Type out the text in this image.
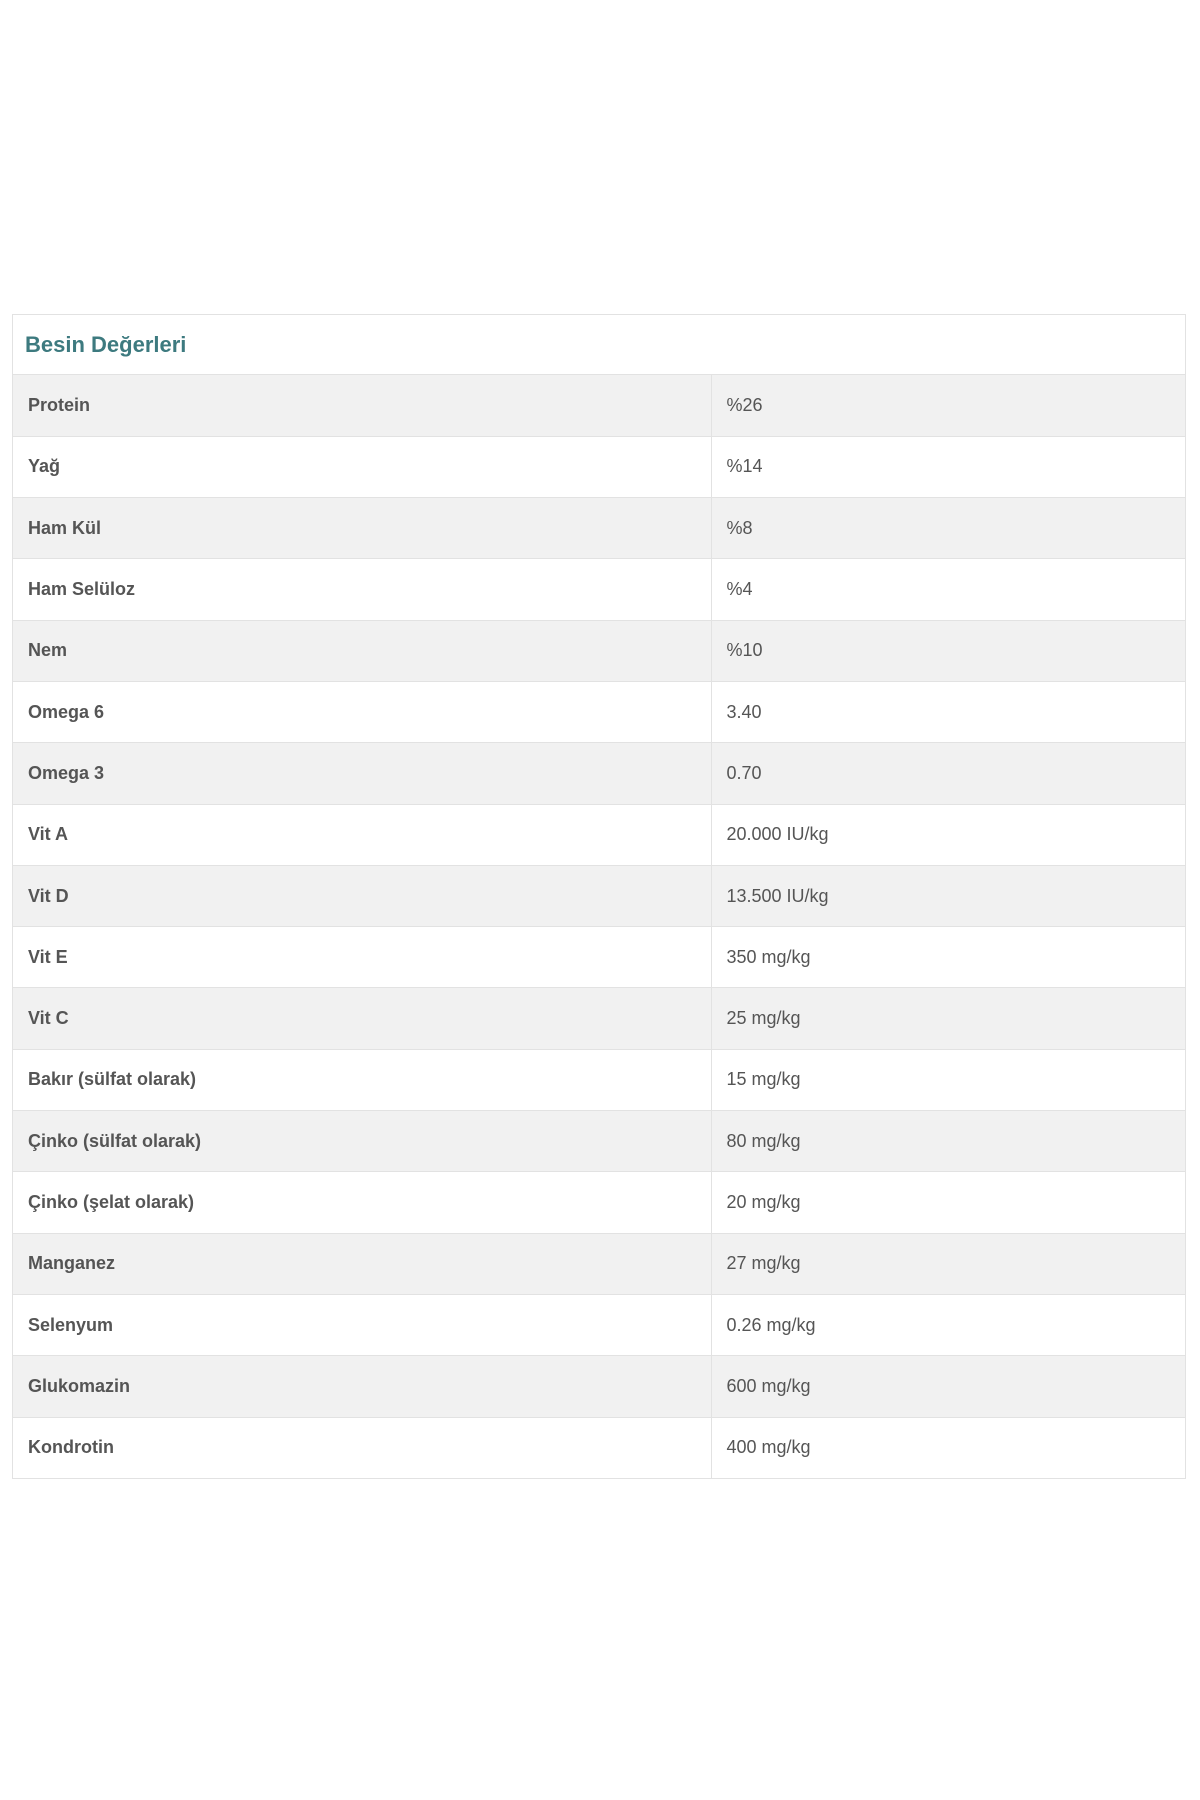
Besin Değerleri
Protein	%26
Yağ	%14
Ham Kül	%8
Ham Selüloz	%4
Nem	%10
Omega 6	3.40
Omega 3	0.70
Vit A	20.000 IU/kg
Vit D	13.500 IU/kg
Vit E	350 mg/kg
Vit C	25 mg/kg
Bakır (sülfat olarak)	15 mg/kg
Çinko (sülfat olarak)	80 mg/kg
Çinko (şelat olarak)	20 mg/kg
Manganez	27 mg/kg
Selenyum	0.26 mg/kg
Glukomazin	600 mg/kg
Kondrotin	400 mg/kg
